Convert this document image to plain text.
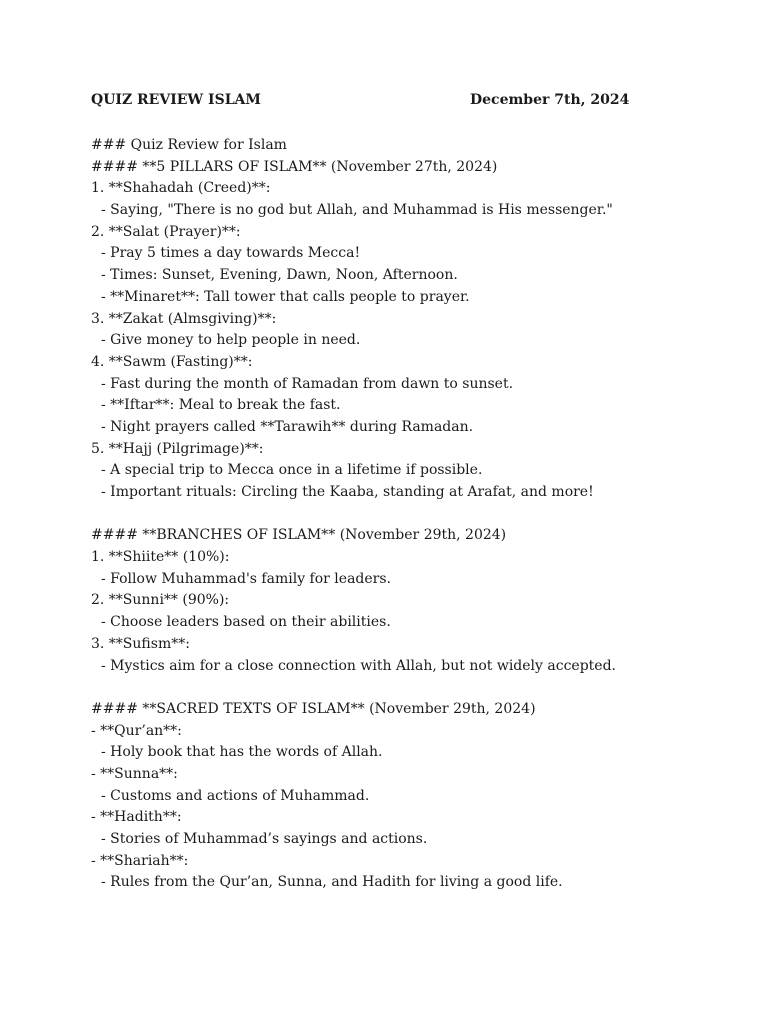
QUIZ REVIEW ISLAM	December 7th, 2024
### Quiz Review for Islam
#### **5 PILLARS OF ISLAM** (November 27th, 2024)
1. **Shahadah (Creed)**:
- Saying, "There is no god but Allah, and Muhammad is His messenger."
2. **Salat (Prayer)**:
- Pray 5 times a day towards Mecca!
- Times: Sunset, Evening, Dawn, Noon, Afternoon.
- **Minaret**: Tall tower that calls people to prayer.
3. **Zakat (Almsgiving)**:
- Give money to help people in need.
4. **Sawm (Fasting)**:
- Fast during the month of Ramadan from dawn to sunset.
- **Iftar**: Meal to break the fast.
- Night prayers called **Tarawih** during Ramadan.
5. **Hajj (Pilgrimage)**:
- A special trip to Mecca once in a lifetime if possible.
- Important rituals: Circling the Kaaba, standing at Arafat, and more!
#### **BRANCHES OF ISLAM** (November 29th, 2024)
1. **Shiite** (10%):
- Follow Muhammad's family for leaders.
2. **Sunni** (90%):
- Choose leaders based on their abilities.
3. **Sufism**:
- Mystics aim for a close connection with Allah, but not widely accepted.
#### **SACRED TEXTS OF ISLAM** (November 29th, 2024)
- **Qur’an**:
- Holy book that has the words of Allah.
- **Sunna**:
- Customs and actions of Muhammad.
- **Hadith**:
- Stories of Muhammad’s sayings and actions.
- **Shariah**:
- Rules from the Qur’an, Sunna, and Hadith for living a good life.
